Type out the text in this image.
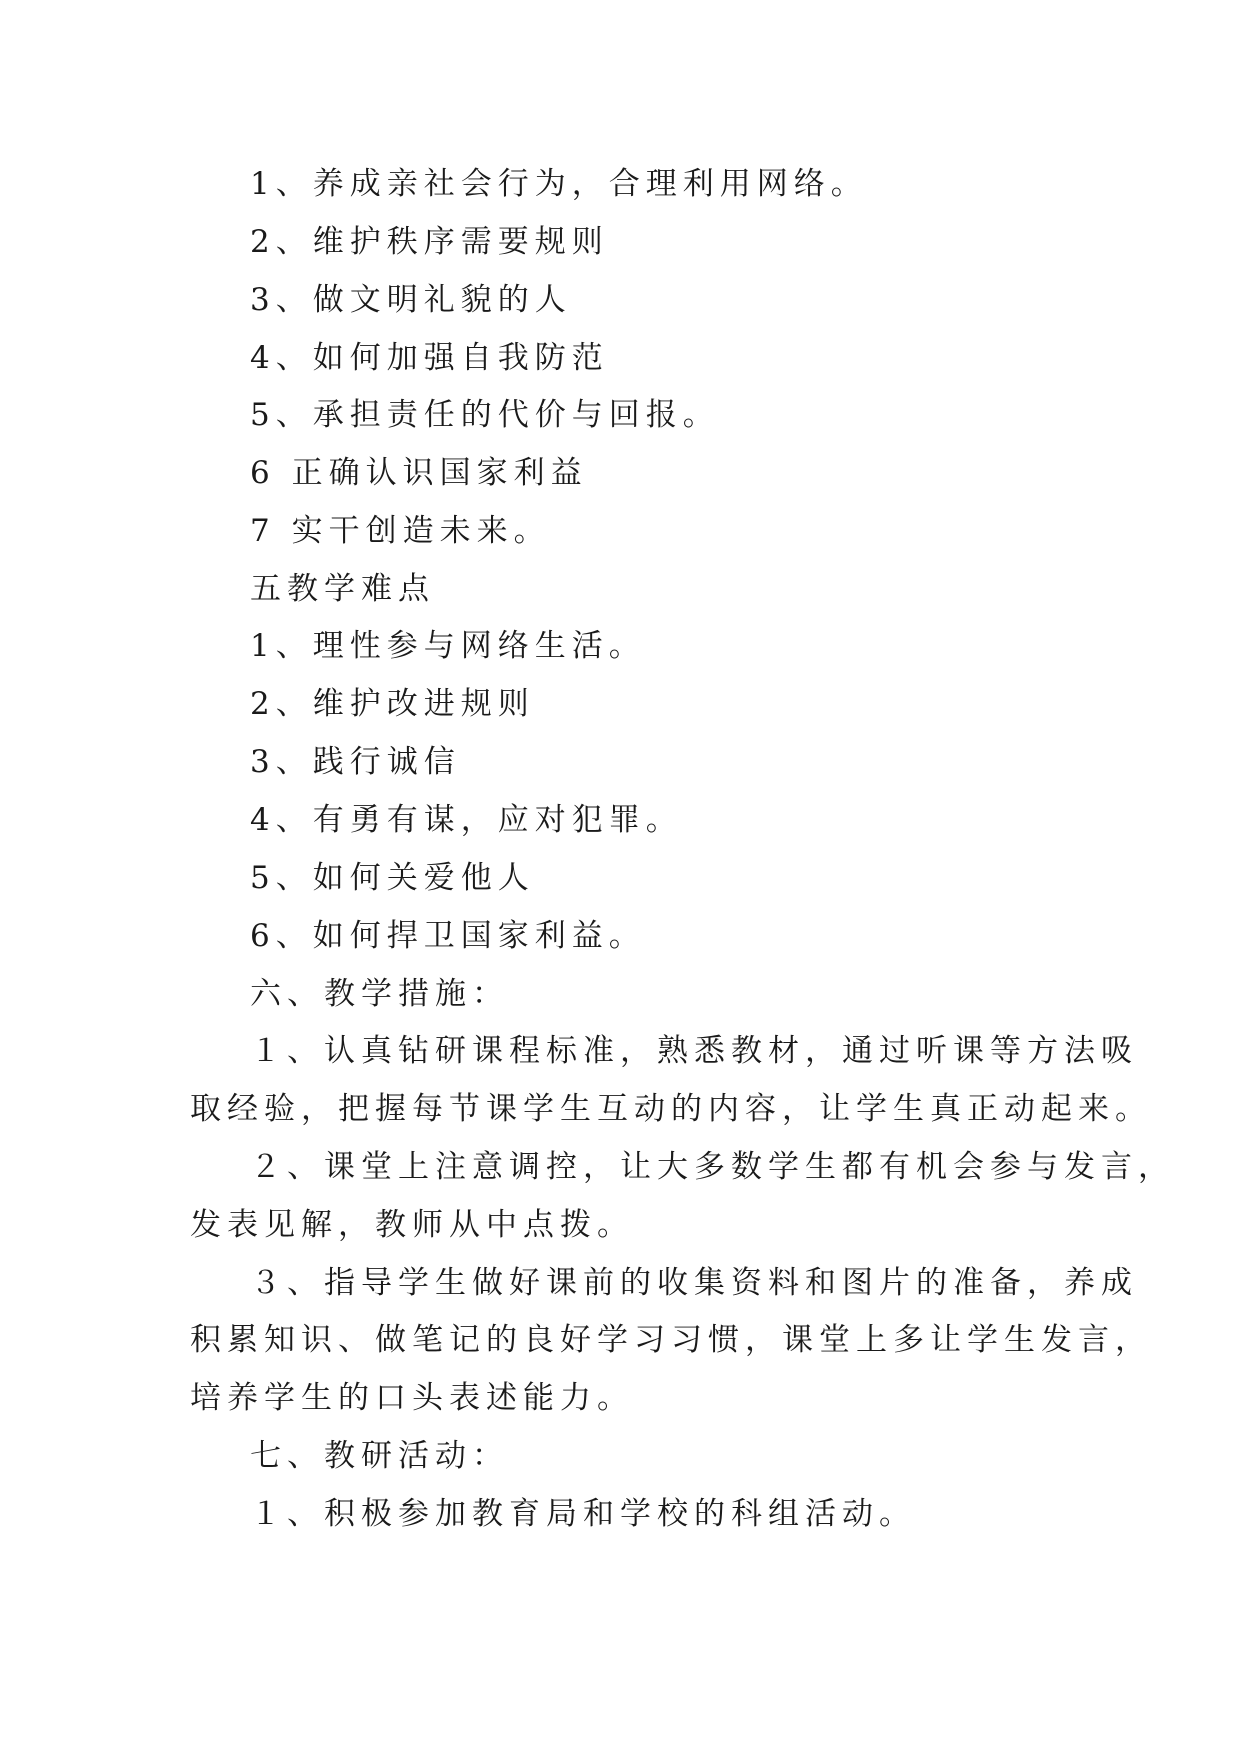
1、养成亲社会行为，合理利用网络。
2、维护秩序需要规则
3、做文明礼貌的人
4、如何加强自我防范
5、承担责任的代价与回报。
6 正确认识国家利益
7 实干创造未来。
五教学难点
1、理性参与网络生活。
2、维护改进规则
3、践行诚信
4、有勇有谋，应对犯罪。
5、如何关爱他人
6、如何捍卫国家利益。
六、教学措施：
１、认真钻研课程标准，熟悉教材，通过听课等方法吸
取经验，把握每节课学生互动的内容，让学生真正动起来。
２、课堂上注意调控，让大多数学生都有机会参与发言，
发表见解，教师从中点拨。
３、指导学生做好课前的收集资料和图片的准备，养成
积累知识、做笔记的良好学习习惯，课堂上多让学生发言，
培养学生的口头表述能力。
七、教研活动：
１、积极参加教育局和学校的科组活动。
